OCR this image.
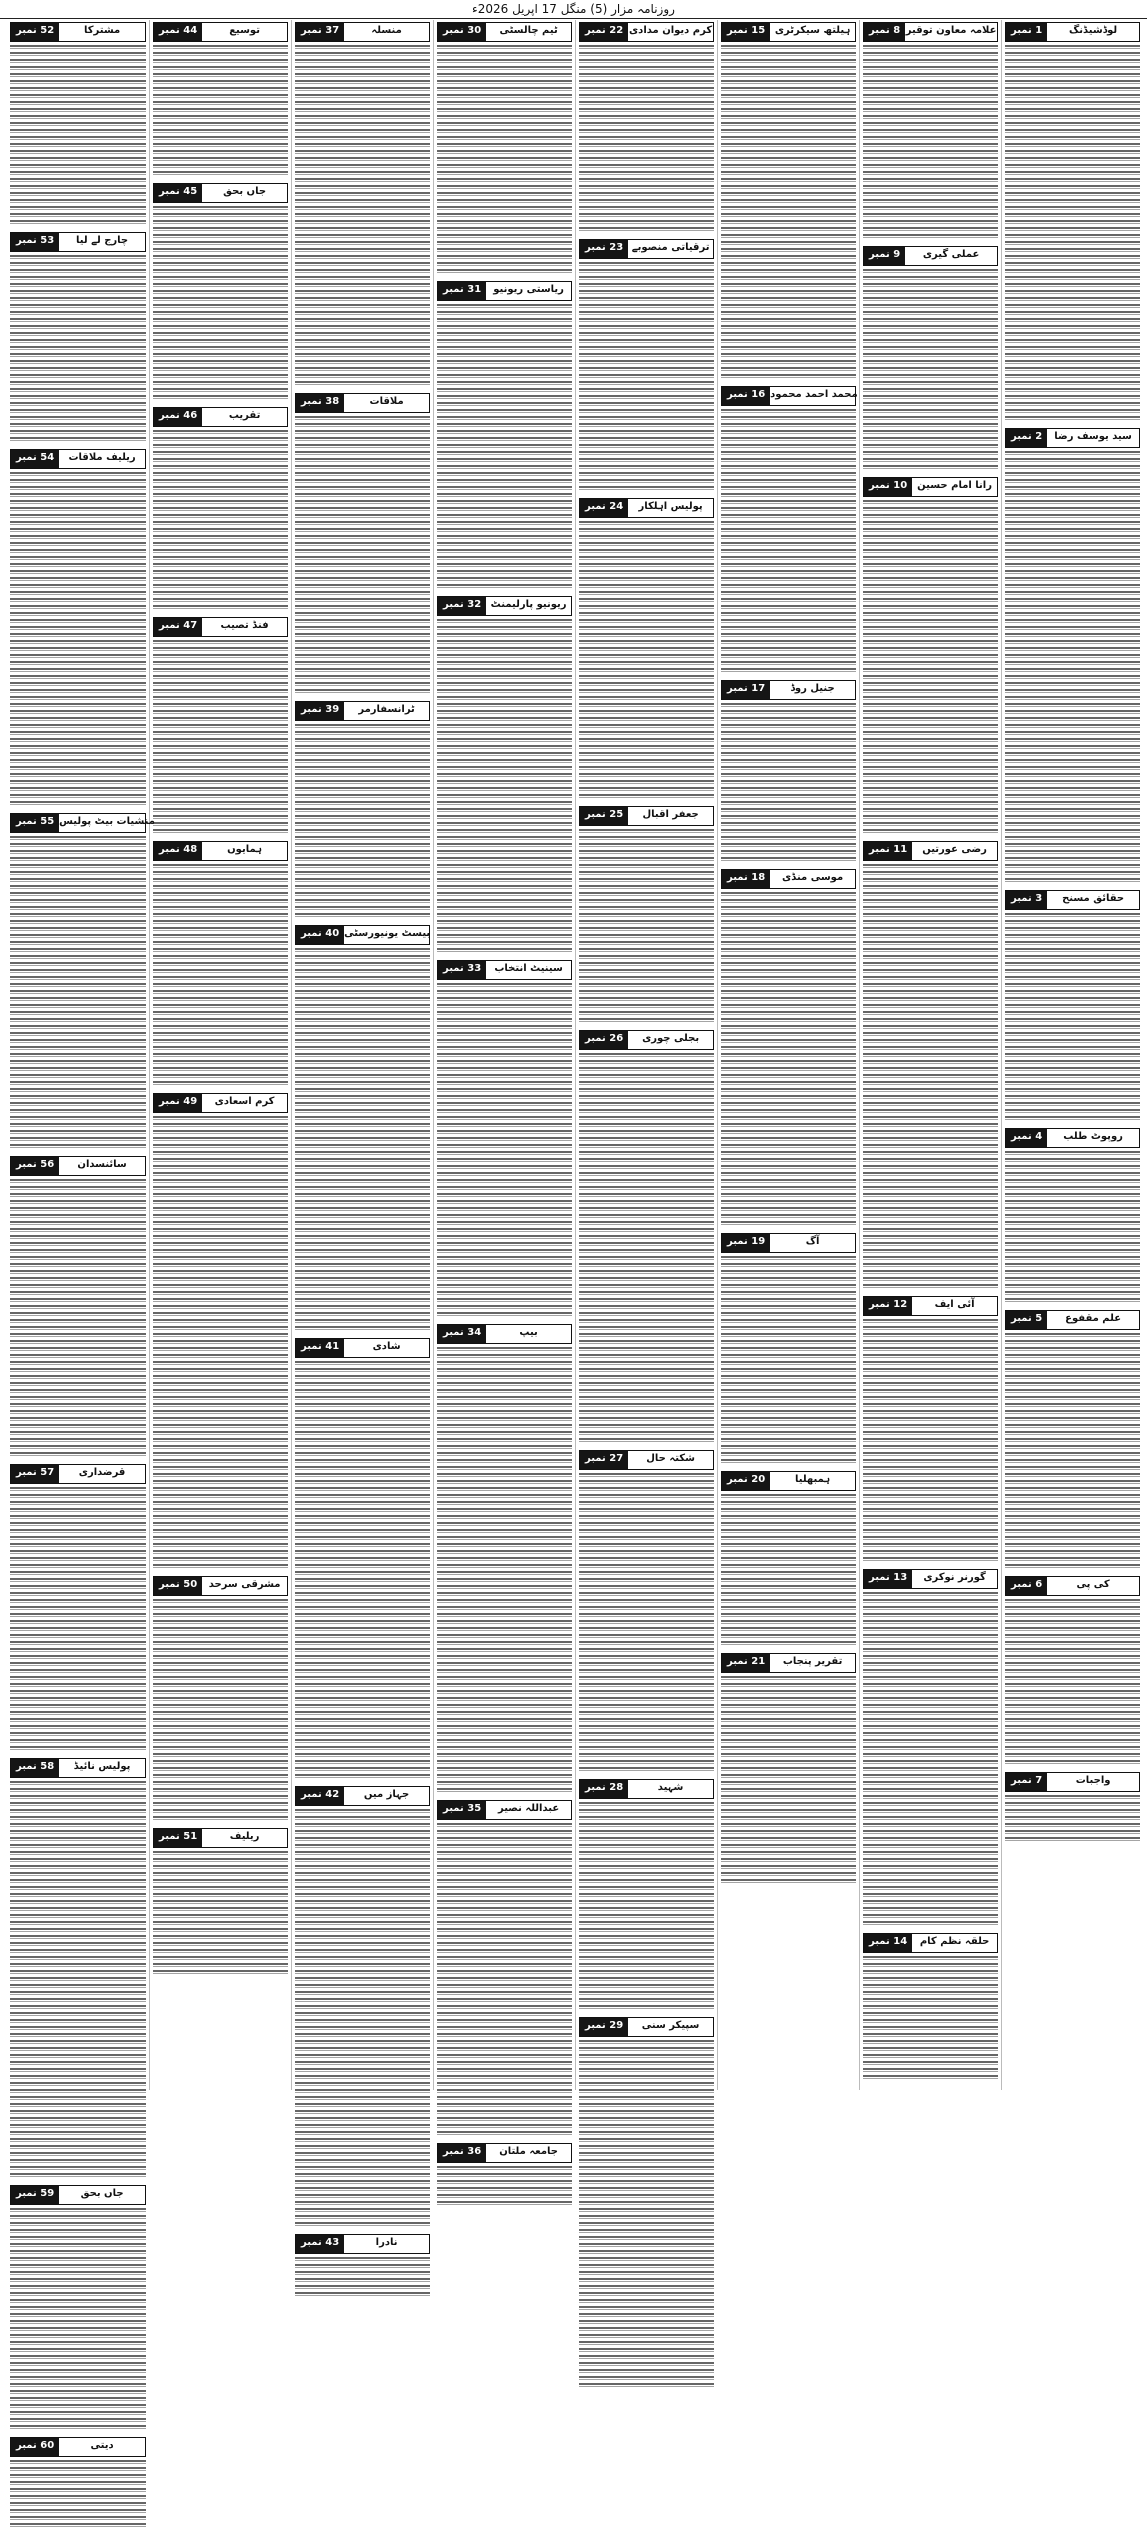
روزنامہ مزار (5) منگل 17 اپریل 2026ء
1 نمبر	لوڈشیڈنگ
2 نمبر	سید یوسف رضا
3 نمبر	حقائق مسنح
4 نمبر	روپوٹ طلب
5 نمبر	علم مقفوع
6 نمبر	کی پی
7 نمبر	واجبات
8 نمبر علامہ معاون توقیر
9 نمبر	عملی گیری
10 نمبر	رانا امام حسین
11 نمبر	رضی عورتیں
12 نمبر	آئی ایف
13 نمبر	گورنر نوکری
14 نمبر	حلقہ نظم کام
15 نمبر ہیلتھ سیکرٹری
16 نمبر محمد احمد محمود
17 نمبر	جنیل روڈ
18 نمبر	موسی منڈی
19 نمبر	آگ
20 نمبر	ہمبھلیا
21 نمبر	تقریر پنجاب
22 نمبر کرم دیوان مدادی
23 نمبر ترقیاتی منصوبے
24 نمبر	پولیس اہلکار
25 نمبر	جعفر اقبال
26 نمبر	بجلی چوری
27 نمبر	شکتہ حال
28 نمبر	شہید
29 نمبر	سپیکر سنی
30 نمبر	ٹیم چالسٹی
31 نمبر	ریاستی ریونیو
32 نمبر ریونیو پارلیمنٹ
33 نمبر	سینیٹ انتخاب
34 نمبر	بیپ
35 نمبر	عبداللہ نصیر
36 نمبر	جامعہ ملتان
37 نمبر	منسلہ
38 نمبر	ملاقات
39 نمبر	ٹرانسفارمر
40 نمبر بیسٹ یونیورسٹی
41 نمبر	شادی
42 نمبر	جہاز میں
43 نمبر	نادرا
44 نمبر	توسیع
45 نمبر	جاں بحق
46 نمبر	تقریب
47 نمبر	فنڈ تصیب
48 نمبر	ہمایوں
49 نمبر	کرم اسعادی
50 نمبر	مشرقی سرحد
51 نمبر	ریلیف
52 نمبر	مشترکا
53 نمبر	چارج لے لیا
54 نمبر	ریلیف ملاقات
55 نمبر منشیات بیٹ پولیس
56 نمبر	سائنسدان
57 نمبر	قرضداری
58 نمبر	پولیس نائیڈ
59 نمبر	جاں بحق
60 نمبر	دیتی
